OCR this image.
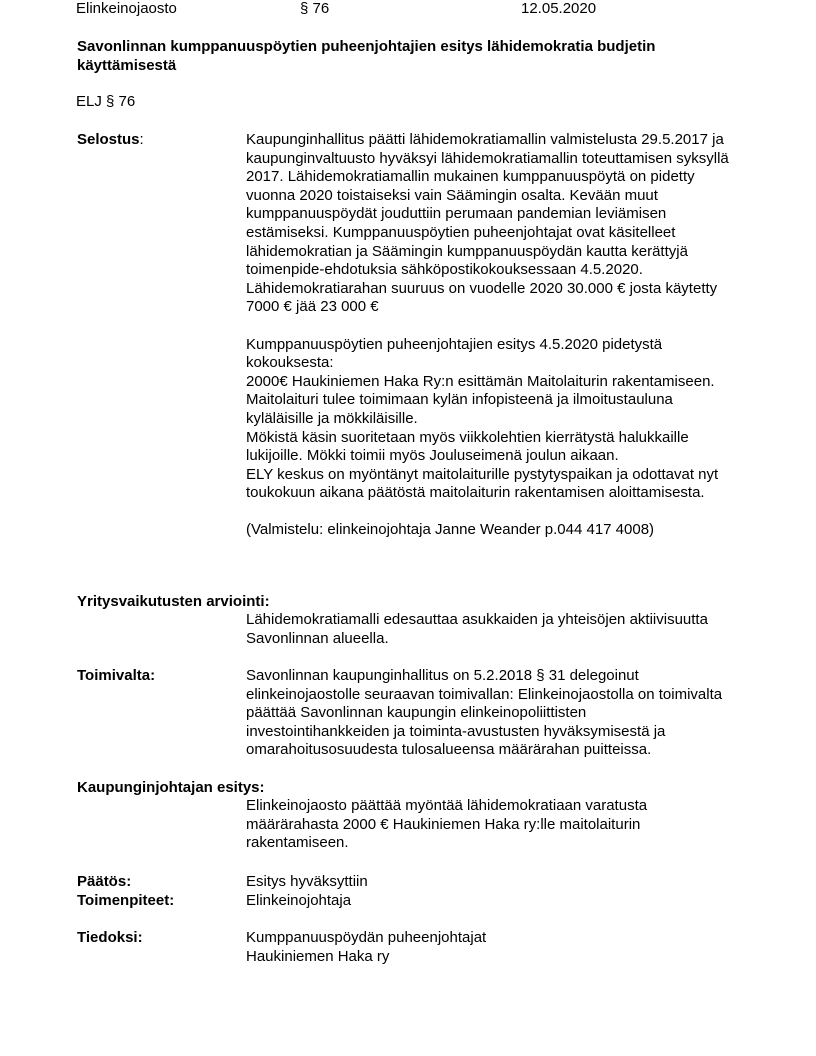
Elinkeinojaosto	§ 76	12.05.2020
Savonlinnan kumppanuuspöytien puheenjohtajien esitys lähidemokratia budjetin käyttämisestä

ELJ § 76

Selostus:	Kaupunginhallitus päätti lähidemokratiamallin valmistelusta 29.5.2017 ja kaupunginvaltuusto hyväksyi lähidemokratiamallin toteuttamisen syksyllä 2017. Lähidemokratiamallin mukainen kumppanuuspöytä on pidetty vuonna 2020 toistaiseksi vain Säämingin osalta. Kevään muut kumppanuuspöydät jouduttiin perumaan pandemian leviämisen estämiseksi. Kumppanuuspöytien puheenjohtajat ovat käsitelleet lähidemokratian ja Säämingin kumppanuuspöydän kautta kerättyjä toimenpide-ehdotuksia sähköpostikokouksessaan 4.5.2020. Lähidemokratiarahan suuruus on vuodelle 2020 30.000 € josta käytetty 7000 € jää 23 000 €

Kumppanuuspöytien puheenjohtajien esitys 4.5.2020 pidetystä kokouksesta:
2000€ Haukiniemen Haka Ry:n esittämän Maitolaiturin rakentamiseen.
Maitolaituri tulee toimimaan kylän infopisteenä ja ilmoitustauluna kyläläisille ja mökkiläisille.
Mökistä käsin suoritetaan myös viikkolehtien kierrätystä halukkaille lukijoille. Mökki toimii myös Jouluseimenä joulun aikaan.
ELY keskus on myöntänyt maitolaiturille pystytyspaikan ja odottavat nyt toukokuun aikana päätöstä maitolaiturin rakentamisen aloittamisesta.

(Valmistelu: elinkeinojohtaja Janne Weander p.044 417 4008)

Yritysvaikutusten arviointi:

Lähidemokratiamalli edesauttaa asukkaiden ja yhteisöjen aktiivisuutta Savonlinnan alueella.

Toimivalta:	Savonlinnan kaupunginhallitus on 5.2.2018 § 31 delegoinut elinkeinojaostolle seuraavan toimivallan: Elinkeinojaostolla on toimivalta päättää Savonlinnan kaupungin elinkeinopoliittisten investointihankkeiden ja toiminta-avustusten hyväksymisestä ja omarahoitusosuudesta tulosalueensa määrärahan puitteissa.

Kaupunginjohtajan esitys:

Elinkeinojaosto päättää myöntää lähidemokratiaan varatusta määrärahasta 2000 € Haukiniemen Haka ry:lle maitolaiturin rakentamiseen.

Päätös:	Esitys hyväksyttiin

Toimenpiteet:	Elinkeinojohtaja

Tiedoksi:	Kumppanuuspöydän puheenjohtajat
Haukiniemen Haka ry
